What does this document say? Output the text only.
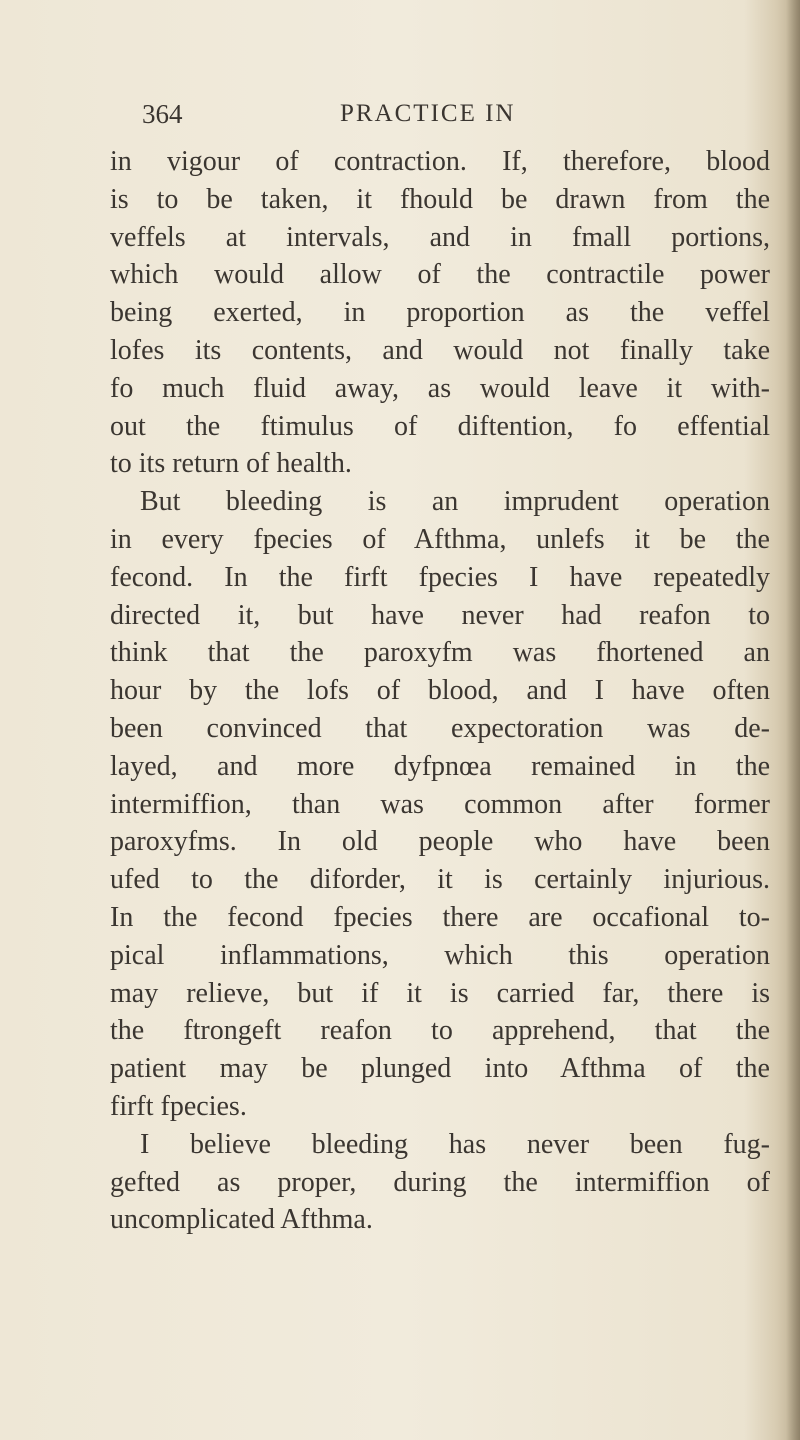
364	PRACTICE IN
in vigour of contraction. If, therefore, blood
is to be taken, it fhould be drawn from the
veffels at intervals, and in fmall portions,
which would allow of the contractile power
being exerted, in proportion as the veffel
lofes its contents, and would not finally take
fo much fluid away, as would leave it with-
out the ftimulus of diftention, fo effential
to its return of health.
But bleeding is an imprudent operation
in every fpecies of Afthma, unlefs it be the
fecond. In the firft fpecies I have repeatedly
directed it, but have never had reafon to
think that the paroxyfm was fhortened an
hour by the lofs of blood, and I have often
been convinced that expectoration was de-
layed, and more dyfpnœa remained in the
intermiffion, than was common after former
paroxyfms. In old people who have been
ufed to the diforder, it is certainly injurious.
In the fecond fpecies there are occafional to-
pical inflammations, which this operation
may relieve, but if it is carried far, there is
the ftrongeft reafon to apprehend, that the
patient may be plunged into Afthma of the
firft fpecies.
I believe bleeding has never been fug-
gefted as proper, during the intermiffion of
uncomplicated Afthma.
